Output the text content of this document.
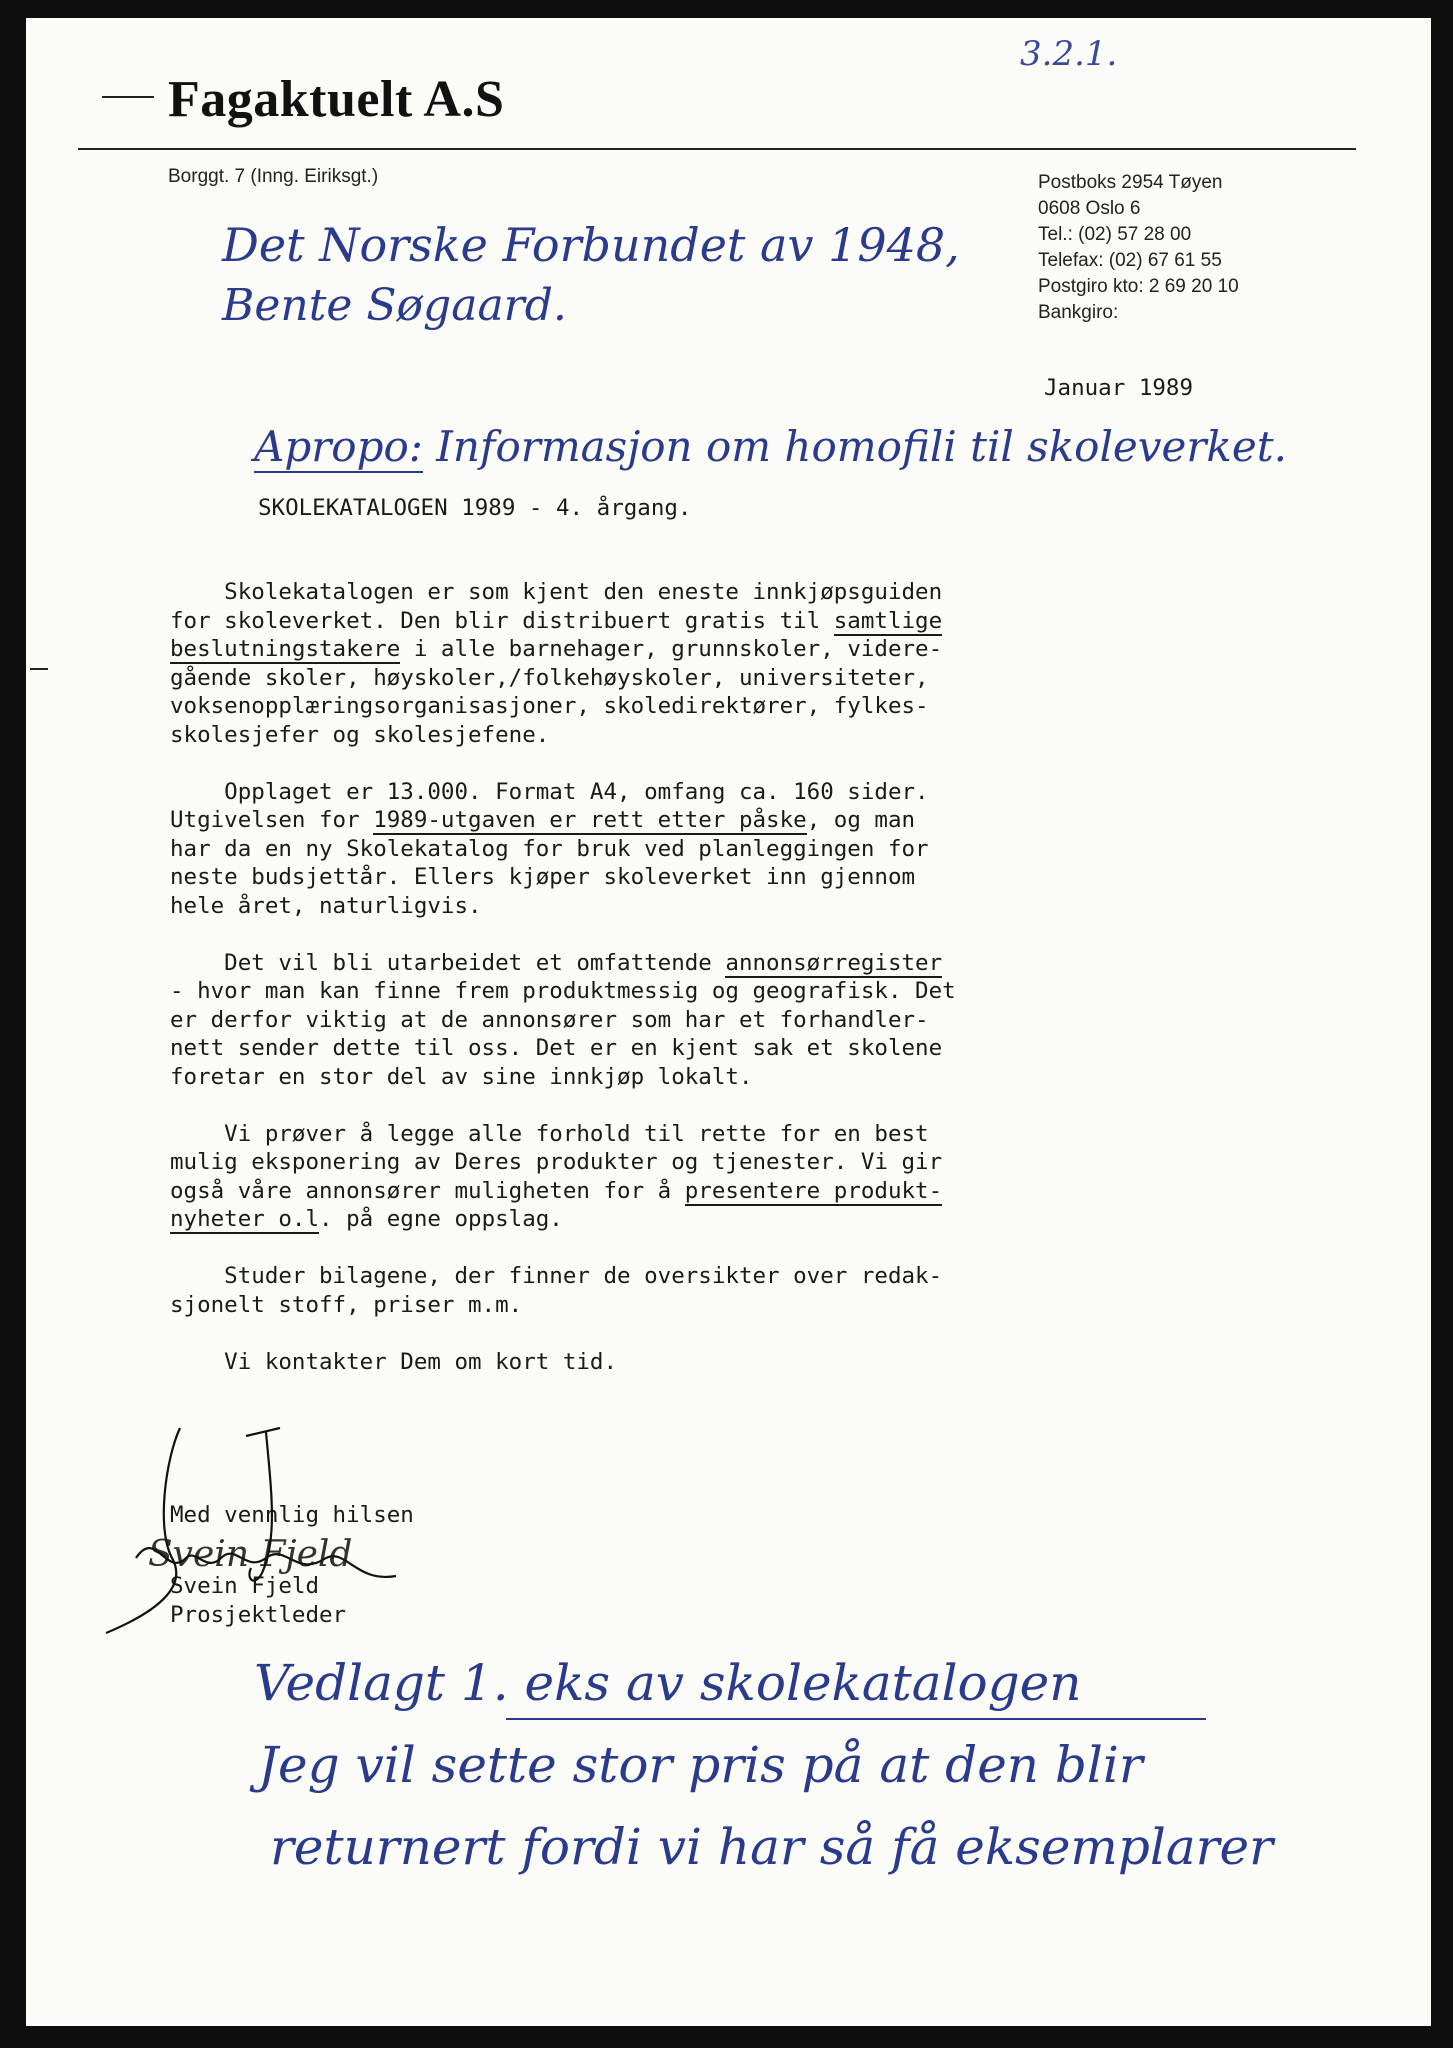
3.2.1.
Fagaktuelt A.S
Borggt. 7 (Inng. Eiriksgt.)	Postboks 2954 Tøyen
0608 Oslo 6
Tel.: (02) 57 28 00
Telefax: (02) 67 61 55
Postgiro kto: 2 69 20 10
Bankgiro:
Det Norske Forbundet av 1948,
Bente Søgaard.
Januar 1989
Apropo: Informasjon om homofili til skoleverket.
SKOLEKATALOGEN 1989 - 4. årgang.
Skolekatalogen er som kjent den eneste innkjøpsguiden
for skoleverket. Den blir distribuert gratis til samtlige
beslutningstakere i alle barnehager, grunnskoler, videre-
gående skoler, høyskoler,/folkehøyskoler, universiteter,
voksenopplæringsorganisasjoner, skoledirektører, fylkes-
skolesjefer og skolesjefene.
Opplaget er 13.000. Format A4, omfang ca. 160 sider.
Utgivelsen for 1989-utgaven er rett etter påske, og man
har da en ny Skolekatalog for bruk ved planleggingen for
neste budsjettår. Ellers kjøper skoleverket inn gjennom
hele året, naturligvis.
Det vil bli utarbeidet et omfattende annonsørregister
- hvor man kan finne frem produktmessig og geografisk. Det
er derfor viktig at de annonsører som har et forhandler-
nett sender dette til oss. Det er en kjent sak et skolene
foretar en stor del av sine innkjøp lokalt.
Vi prøver å legge alle forhold til rette for en best
mulig eksponering av Deres produkter og tjenester. Vi gir
også våre annonsører muligheten for å presentere produkt-
nyheter o.l. på egne oppslag.
Studer bilagene, der finner de oversikter over redak-
sjonelt stoff, priser m.m.
Vi kontakter Dem om kort tid.
Med vennlig hilsen
Svein Fjeld
Prosjektleder
Svein Fjeld
Vedlagt 1. eks av skolekatalogen
Jeg vil sette stor pris på at den blir
returnert fordi vi har så få eksemplarer
